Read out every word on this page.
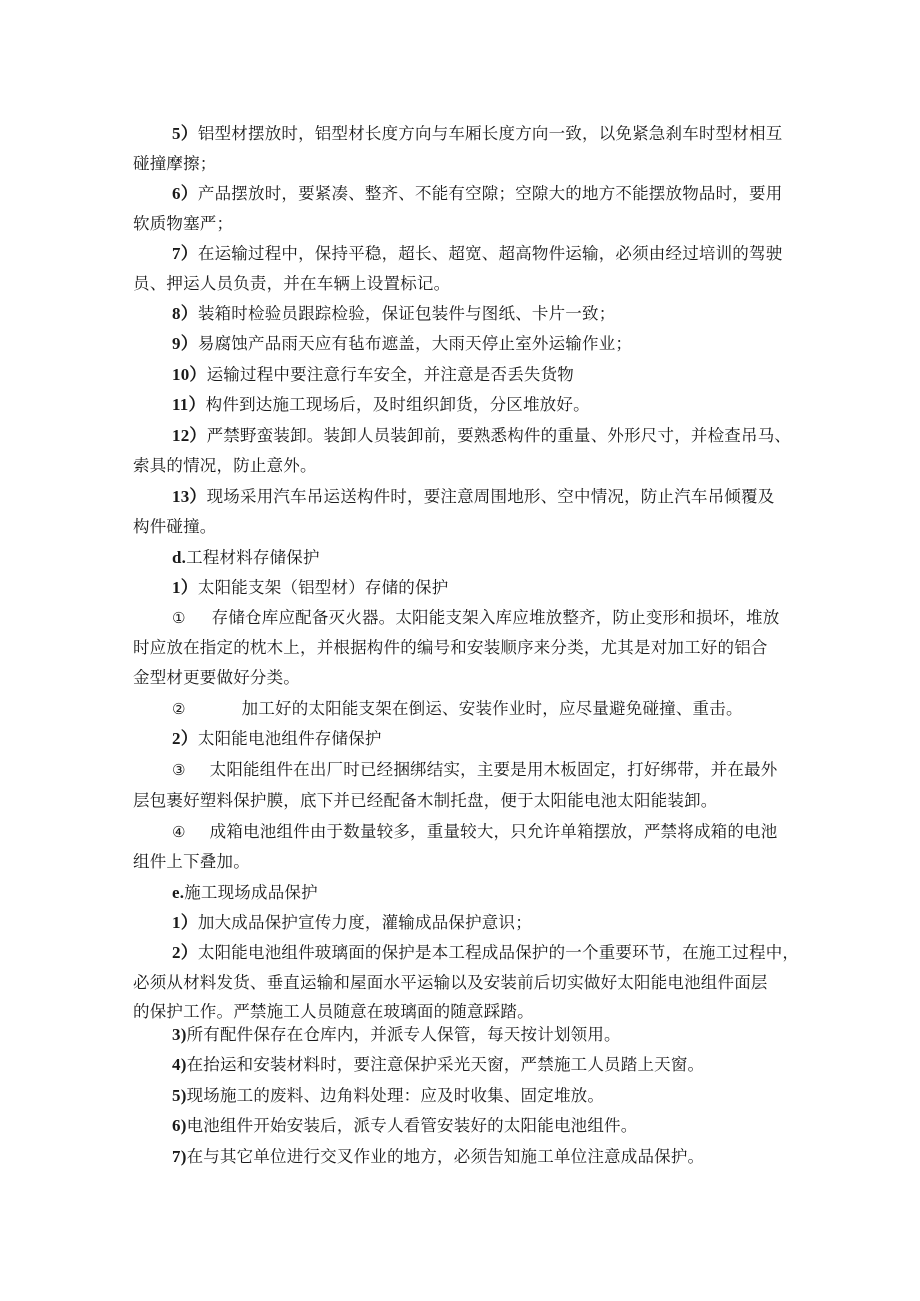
5）铝型材摆放时，铝型材长度方向与车厢长度方向一致，以免紧急刹车时型材相互
碰撞摩擦；
6）产品摆放时，要紧凑、整齐、不能有空隙；空隙大的地方不能摆放物品时，要用
软质物塞严；
7）在运输过程中，保持平稳，超长、超宽、超高物件运输，必须由经过培训的驾驶
员、押运人员负责，并在车辆上设置标记。
8）装箱时检验员跟踪检验，保证包装件与图纸、卡片一致；
9）易腐蚀产品雨天应有毡布遮盖，大雨天停止室外运输作业；
10）运输过程中要注意行车安全，并注意是否丢失货物
11）构件到达施工现场后，及时组织卸货，分区堆放好。
12）严禁野蛮装卸。装卸人员装卸前，要熟悉构件的重量、外形尺寸，并检查吊马、
索具的情况，防止意外。
13）现场采用汽车吊运送构件时，要注意周围地形、空中情况，防止汽车吊倾覆及
构件碰撞。
d.工程材料存储保护
1）太阳能支架（铝型材）存储的保护
① 存储仓库应配备灭火器。太阳能支架入库应堆放整齐，防止变形和损坏，堆放
时应放在指定的枕木上，并根据构件的编号和安装顺序来分类，尤其是对加工好的铝合
金型材更要做好分类。
②	加工好的太阳能支架在倒运、安装作业时，应尽量避免碰撞、重击。
2）太阳能电池组件存储保护
③ 太阳能组件在出厂时已经捆绑结实，主要是用木板固定，打好绑带，并在最外
层包裹好塑料保护膜，底下并已经配备木制托盘，便于太阳能电池太阳能装卸。
④ 成箱电池组件由于数量较多，重量较大，只允许单箱摆放，严禁将成箱的电池
组件上下叠加。
e.施工现场成品保护
1）加大成品保护宣传力度，灌输成品保护意识；
2）太阳能电池组件玻璃面的保护是本工程成品保护的一个重要环节，在施工过程中，
必须从材料发货、垂直运输和屋面水平运输以及安装前后切实做好太阳能电池组件面层
的保护工作。严禁施工人员随意在玻璃面的随意踩踏。
3)所有配件保存在仓库内，并派专人保管，每天按计划领用。
4)在抬运和安装材料时，要注意保护采光天窗，严禁施工人员踏上天窗。
5)现场施工的废料、边角料处理：应及时收集、固定堆放。
6)电池组件开始安装后，派专人看管安装好的太阳能电池组件。
7)在与其它单位进行交叉作业的地方，必须告知施工单位注意成品保护。
